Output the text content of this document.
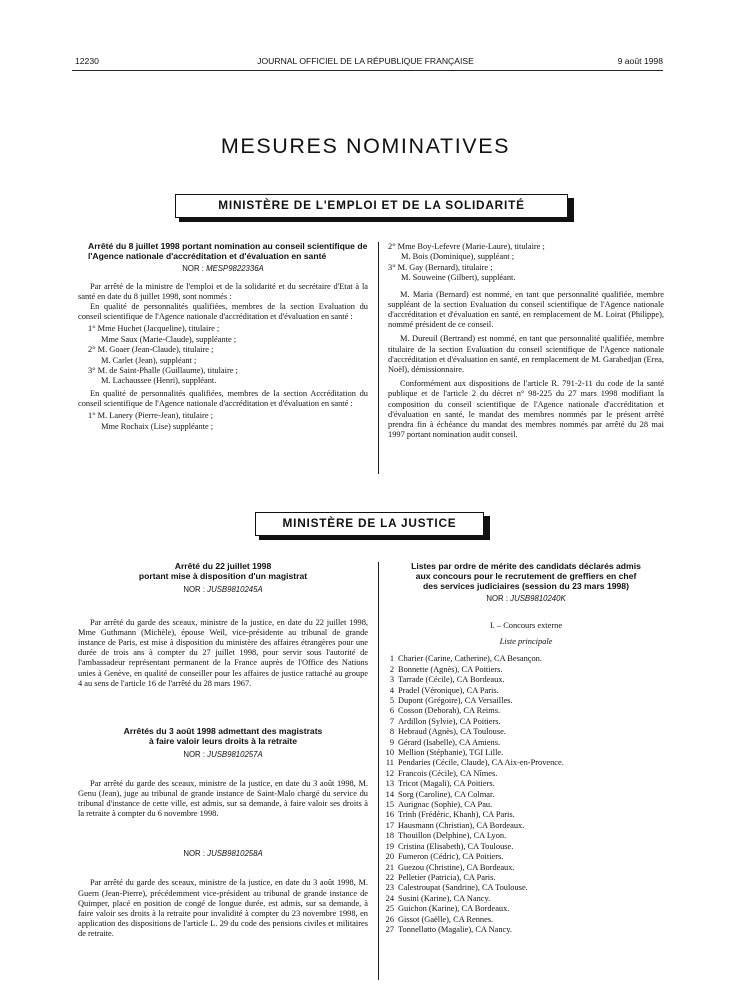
12230	JOURNAL OFFICIEL DE LA RÉPUBLIQUE FRANÇAISE	9 août 1998
MESURES NOMINATIVES
MINISTÈRE DE L'EMPLOI ET DE LA SOLIDARITÉ
Arrêté du 8 juillet 1998 portant nomination au conseil scientifique de l'Agence nationale d'accréditation et d'évaluation en santé
NOR : MESP9822336A
Par arrêté de la ministre de l'emploi et de la solidarité et du secrétaire d'Etat à la santé en date du 8 juillet 1998, sont nommés :
En qualité de personnalités qualifiées, membres de la section Evaluation du conseil scientifique de l'Agence nationale d'accréditation et d'évaluation en santé :
1° Mme Huchet (Jacqueline), titulaire ;
Mme Saux (Marie-Claude), suppléante ;
2° M. Goaer (Jean-Claude), titulaire ;
M. Carlet (Jean), suppléant ;
3° M. de Saint-Phalle (Guillaume), titulaire ;
M. Lachaussee (Henri), suppléant.
En qualité de personnalités qualifiées, membres de la section Accréditation du conseil scientifique de l'Agence nationale d'accréditation et d'évaluation en santé :
1° M. Lanery (Pierre-Jean), titulaire ;
Mme Rochaix (Lise) suppléante ;
2° Mme Boy-Lefevre (Marie-Laure), titulaire ;
M. Bois (Dominique), suppléant ;
3° M. Gay (Bernard), titulaire ;
M. Souweine (Gilbert), suppléant.
M. Maria (Bernard) est nommé, en tant que personnalité qualifiée, membre suppléant de la section Evaluation du conseil scientifique de l'Agence nationale d'accréditation et d'évaluation en santé, en remplacement de M. Loirat (Philippe), nommé président de ce conseil.
M. Dureuil (Bertrand) est nommé, en tant que personnalité qualifiée, membre titulaire de la section Evaluation du conseil scientifique de l'Agence nationale d'accréditation et d'évaluation en santé, en remplacement de M. Garabedjan (Erea, Noël), démissionnaire.
Conformément aux dispositions de l'article R. 791-2-11 du code de la santé publique et de l'article 2 du décret n° 98-225 du 27 mars 1998 modifiant la composition du conseil scientifique de l'Agence nationale d'accréditation et d'évaluation en santé, le mandat des membres nommés par le présent arrêté prendra fin à échéance du mandat des membres nommés par arrêté du 28 mai 1997 portant nomination audit conseil.
MINISTÈRE DE LA JUSTICE
Arrêté du 22 juillet 1998
portant mise à disposition d'un magistrat
NOR : JUSB9810245A
Par arrêté du garde des sceaux, ministre de la justice, en date du 22 juillet 1998, Mme Guthmann (Michèle), épouse Weil, vice-présidente au tribunal de grande instance de Paris, est mise à disposition du ministère des affaires étrangères pour une durée de trois ans à compter du 27 juillet 1998, pour servir sous l'autorité de l'ambassadeur représentant permanent de la France auprès de l'Office des Nations unies à Genève, en qualité de conseiller pour les affaires de justice rattaché au groupe 4 au sens de l'article 16 de l'arrêté du 28 mars 1967.
Arrêtés du 3 août 1998 admettant des magistrats
à faire valoir leurs droits à la retraite
NOR : JUSB9810257A
Par arrêté du garde des sceaux, ministre de la justice, en date du 3 août 1998, M. Genu (Jean), juge au tribunal de grande instance de Saint-Malo chargé du service du tribunal d'instance de cette ville, est admis, sur sa demande, à faire valoir ses droits à la retraite à compter du 6 novembre 1998.
NOR : JUSB9810258A
Par arrêté du garde des sceaux, ministre de la justice, en date du 3 août 1998, M. Guern (Jean-Pierre), précédemment vice-président au tribunal de grande instance de Quimper, placé en position de congé de longue durée, est admis, sur sa demande, à faire valoir ses droits à la retraite pour invalidité à compter du 23 novembre 1998, en application des dispositions de l'article L. 29 du code des pensions civiles et militaires de retraite.
Listes par ordre de mérite des candidats déclarés admis
aux concours pour le recrutement de greffiers en chef
des services judiciaires (session du 23 mars 1998)
NOR : JUSB9810240K
I. – Concours externe
Liste principale
1 Charier (Carine, Catherine), CA Besançon.
2 Bonnette (Agnès), CA Poitiers.
3 Tarrade (Cécile), CA Bordeaux.
4 Pradel (Véronique), CA Paris.
5 Dupont (Grégoire), CA Versailles.
6 Cosson (Deborah), CA Reims.
7 Ardillon (Sylvie), CA Poitiers.
8 Hebraud (Agnès), CA Toulouse.
9 Gérard (Isabelle), CA Amiens.
10 Mellion (Stéphanie), TGI Lille.
11 Pendaries (Cécile, Claude), CA Aix-en-Provence.
12 Francois (Cécile), CA Nîmes.
13 Tricot (Magali), CA Poitiers.
14 Sorg (Caroline), CA Colmar.
15 Aurignac (Sophie), CA Pau.
16 Trinh (Frédéric, Khanh), CA Paris.
17 Hausmann (Christian), CA Bordeaux.
18 Thouillon (Delphine), CA Lyon.
19 Cristina (Elisabeth), CA Toulouse.
20 Fumeron (Cédric), CA Poitiers.
21 Guezou (Christine), CA Bordeaux.
22 Pelletier (Patricia), CA Paris.
23 Calestroupat (Sandrine), CA Toulouse.
24 Susini (Karine), CA Nancy.
25 Guichon (Karine), CA Bordeaux.
26 Gissot (Gaëlle), CA Rennes.
27 Tonnellatto (Magalie), CA Nancy.
